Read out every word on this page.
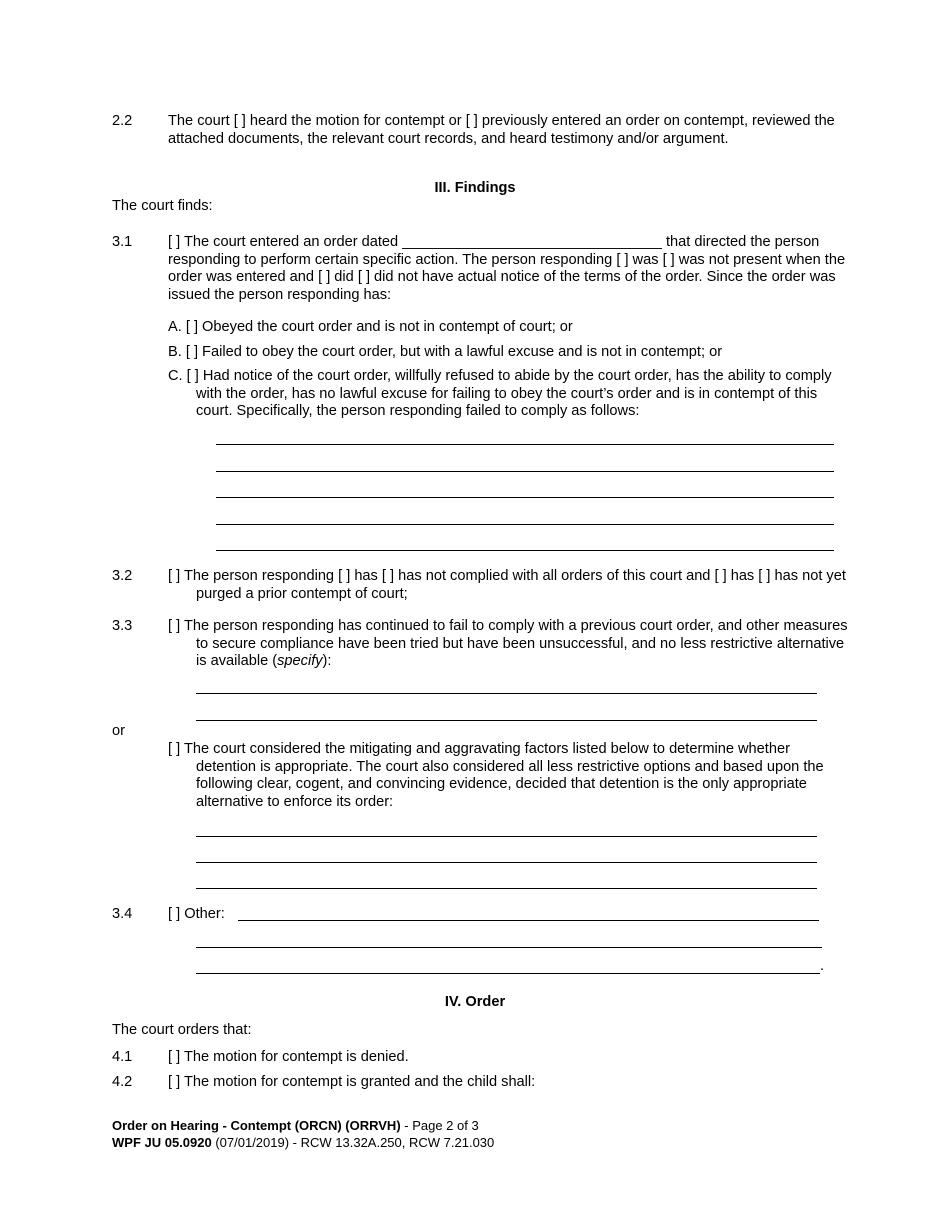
2.2 The court [ ] heard the motion for contempt or [ ] previously entered an order on contempt, reviewed the attached documents, the relevant court records, and heard testimony and/or argument.
III. Findings
The court finds:
3.1 [ ] The court entered an order dated ________________________________ that directed the person responding to perform certain specific action. The person responding [ ] was [ ] was not present when the order was entered and [ ] did [ ] did not have actual notice of the terms of the order. Since the order was issued the person responding has:
A. [ ] Obeyed the court order and is not in contempt of court; or
B. [ ] Failed to obey the court order, but with a lawful excuse and is not in contempt; or
C. [ ] Had notice of the court order, willfully refused to abide by the court order, has the ability to comply with the order, has no lawful excuse for failing to obey the court’s order and is in contempt of this court. Specifically, the person responding failed to comply as follows:
3.2 [ ] The person responding [ ] has [ ] has not complied with all orders of this court and [ ] has [ ] has not yet purged a prior contempt of court;
3.3 [ ] The person responding has continued to fail to comply with a previous court order, and other measures to secure compliance have been tried but have been unsuccessful, and no less restrictive alternative is available (specify):
or
[ ] The court considered the mitigating and aggravating factors listed below to determine whether detention is appropriate. The court also considered all less restrictive options and based upon the following clear, cogent, and convincing evidence, decided that detention is the only appropriate alternative to enforce its order:
3.4 [ ] Other:
.
IV. Order
The court orders that:
4.1 [ ] The motion for contempt is denied.
4.2 [ ] The motion for contempt is granted and the child shall:
Order on Hearing - Contempt (ORCN) (ORRVH) - Page 2 of 3
WPF JU 05.0920 (07/01/2019) - RCW 13.32A.250, RCW 7.21.030
